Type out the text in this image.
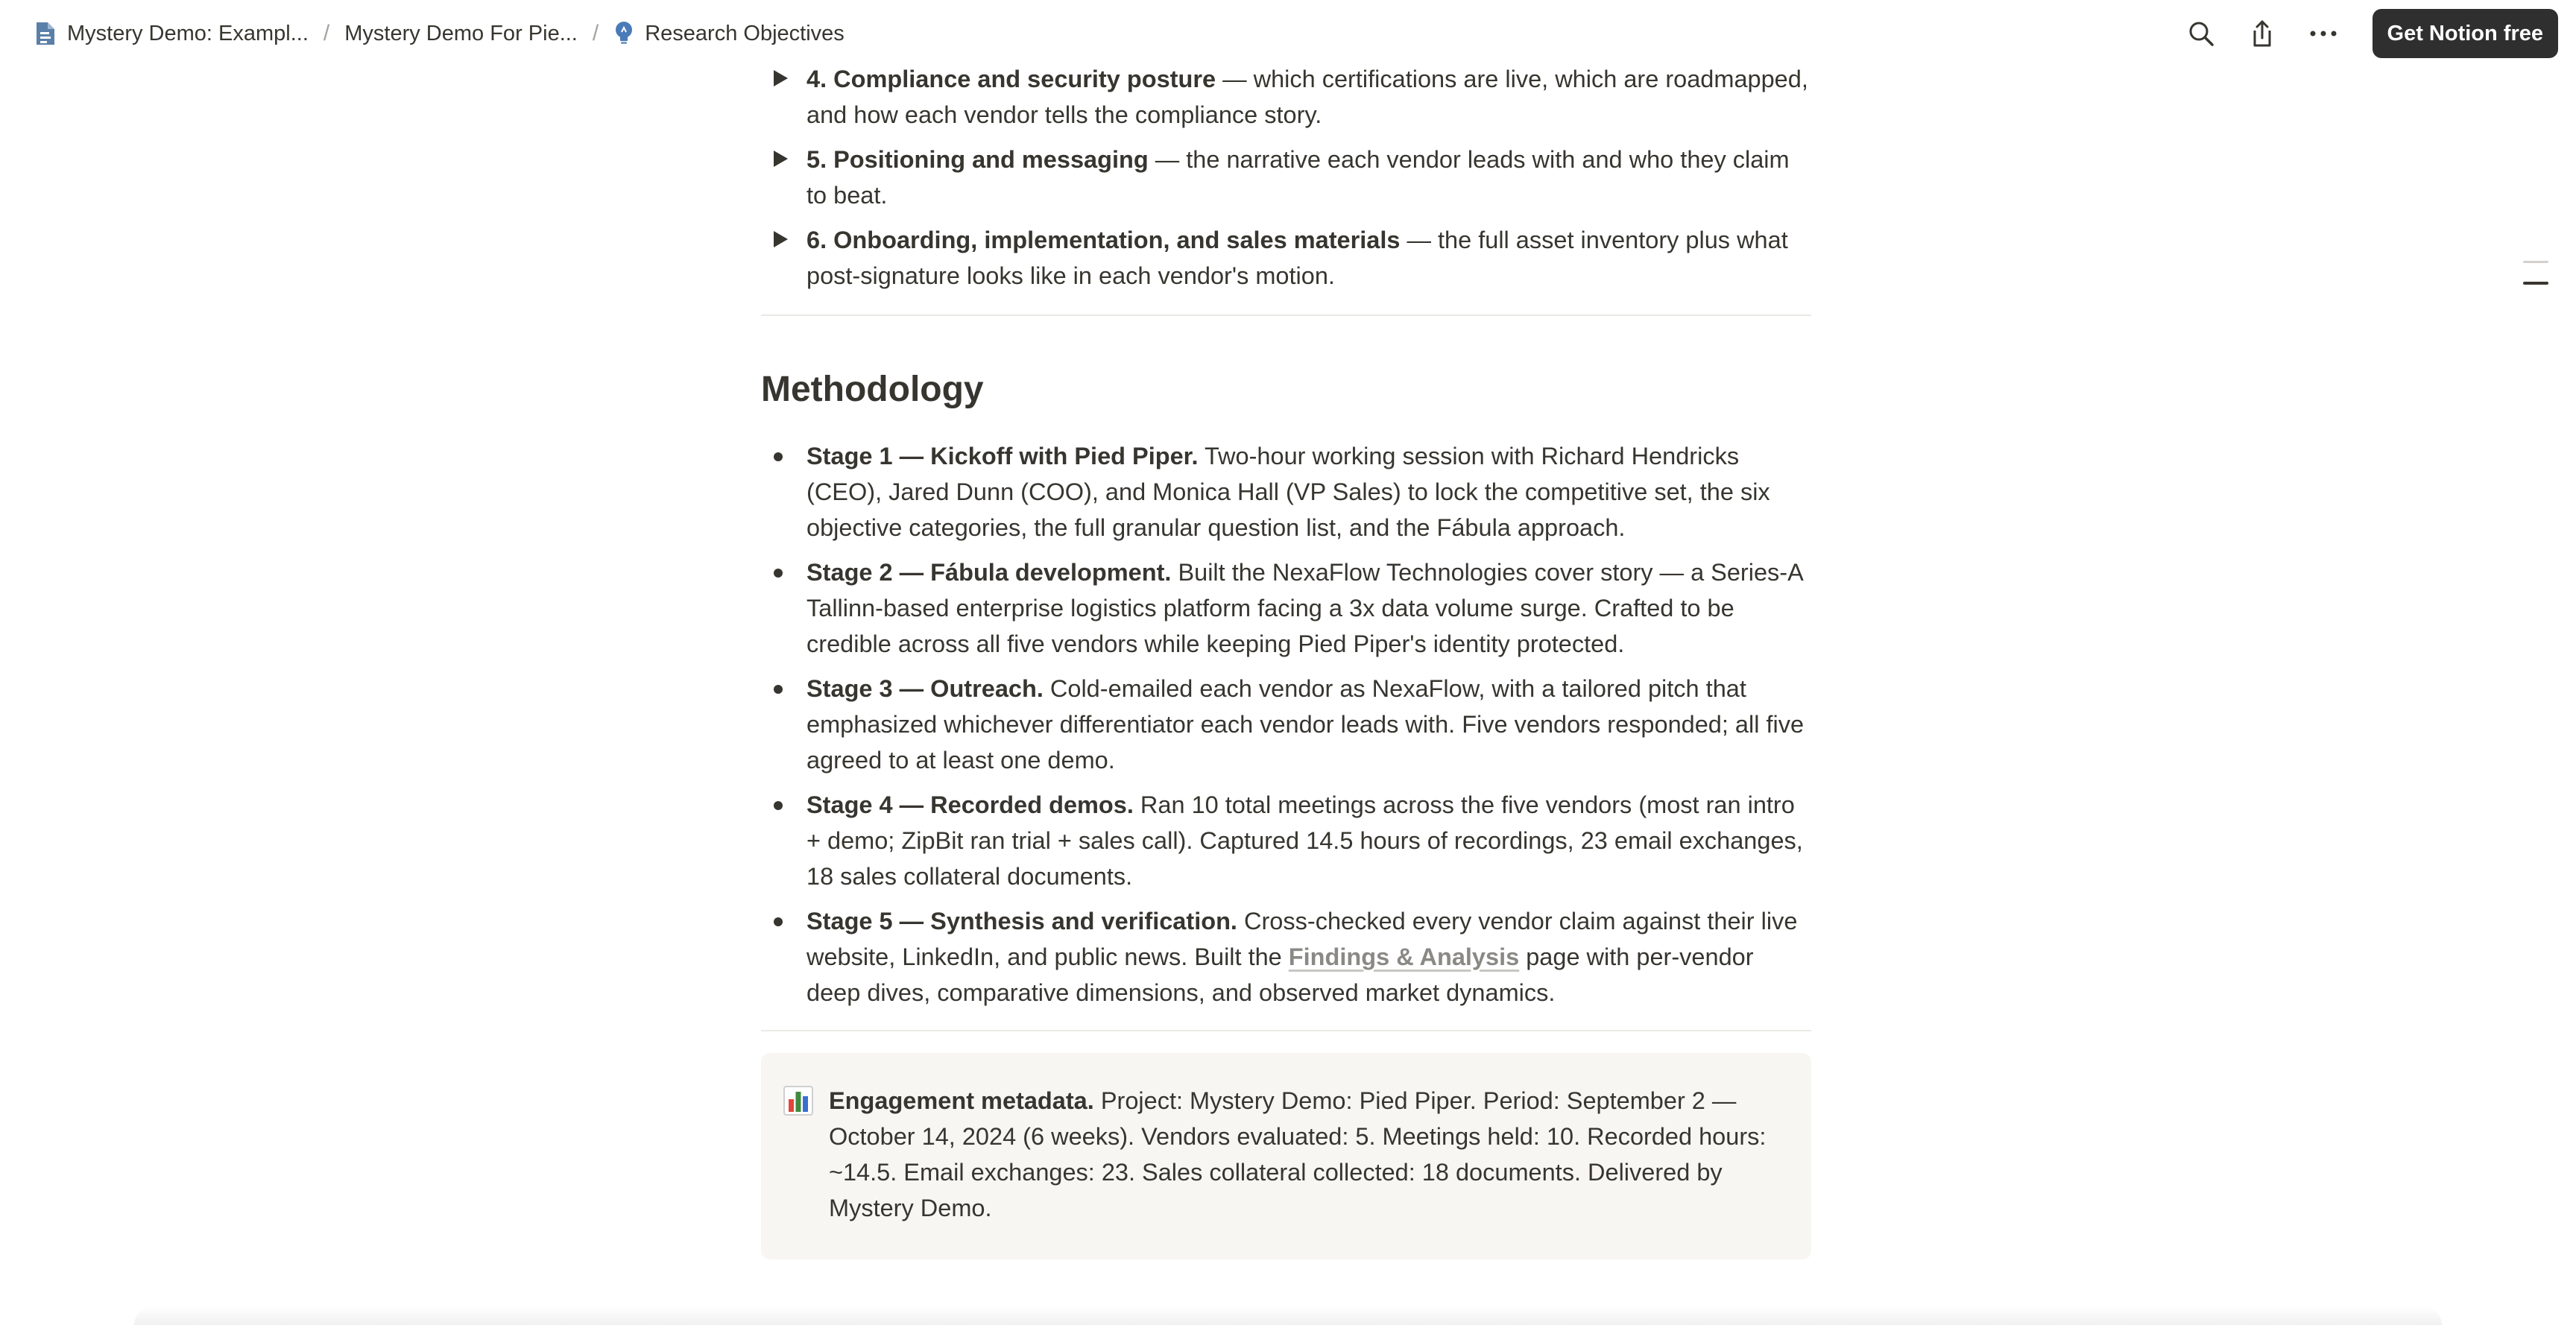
Mystery Demo: Exampl... / Mystery Demo For Pie... / Research Objectives	Get Notion free
4. Compliance and security posture — which certifications are live, which are roadmapped, and how each vendor tells the compliance story.
5. Positioning and messaging — the narrative each vendor leads with and who they claim to beat.
6. Onboarding, implementation, and sales materials — the full asset inventory plus what post-signature looks like in each vendor's motion.
Methodology
Stage 1 — Kickoff with Pied Piper. Two-hour working session with Richard Hendricks (CEO), Jared Dunn (COO), and Monica Hall (VP Sales) to lock the competitive set, the six objective categories, the full granular question list, and the Fábula approach.
Stage 2 — Fábula development. Built the NexaFlow Technologies cover story — a Series-A Tallinn-based enterprise logistics platform facing a 3x data volume surge. Crafted to be credible across all five vendors while keeping Pied Piper's identity protected.
Stage 3 — Outreach. Cold-emailed each vendor as NexaFlow, with a tailored pitch that emphasized whichever differentiator each vendor leads with. Five vendors responded; all five agreed to at least one demo.
Stage 4 — Recorded demos. Ran 10 total meetings across the five vendors (most ran intro + demo; ZipBit ran trial + sales call). Captured 14.5 hours of recordings, 23 email exchanges, 18 sales collateral documents.
Stage 5 — Synthesis and verification. Cross-checked every vendor claim against their live website, LinkedIn, and public news. Built the Findings & Analysis page with per-vendor deep dives, comparative dimensions, and observed market dynamics.
Engagement metadata. Project: Mystery Demo: Pied Piper. Period: September 2 — October 14, 2024 (6 weeks). Vendors evaluated: 5. Meetings held: 10. Recorded hours: ~14.5. Email exchanges: 23. Sales collateral collected: 18 documents. Delivered by Mystery Demo.
